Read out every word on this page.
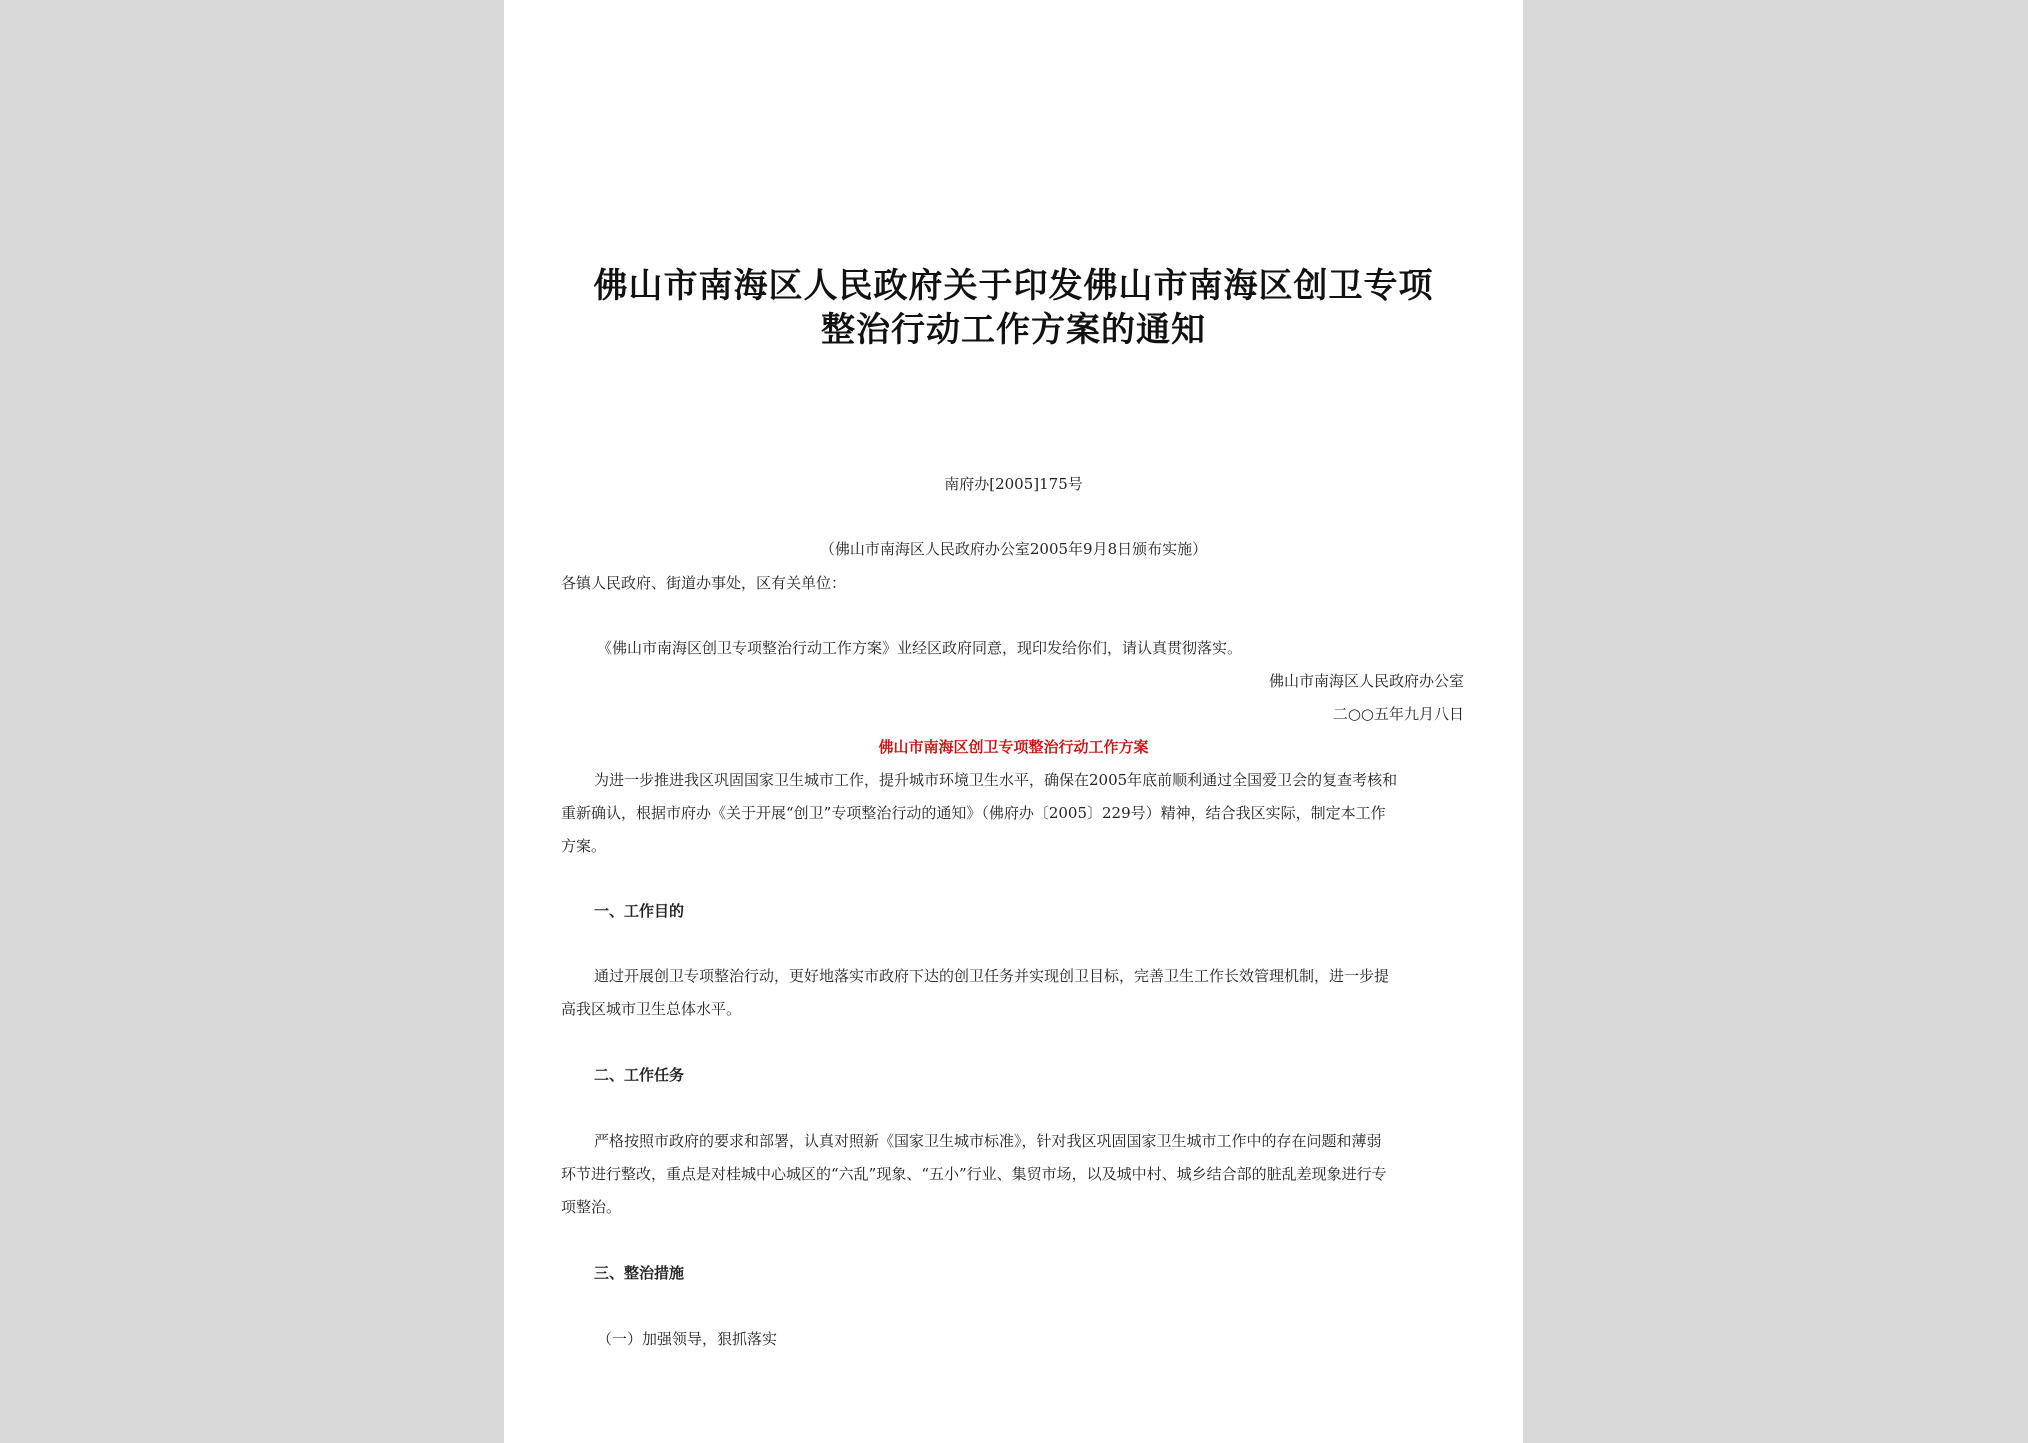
佛山市南海区人民政府关于印发佛山市南海区创卫专项
整治行动工作方案的通知
南府办[2005]175号
（佛山市南海区人民政府办公室2005年9月8日颁布实施）
各镇人民政府、街道办事处，区有关单位：
《佛山市南海区创卫专项整治行动工作方案》业经区政府同意，现印发给你们，请认真贯彻落实。
佛山市南海区人民政府办公室
二○○五年九月八日
佛山市南海区创卫专项整治行动工作方案
为进一步推进我区巩固国家卫生城市工作，提升城市环境卫生水平，确保在2005年底前顺利通过全国爱卫会的复查考核和
重新确认，根据市府办《关于开展“创卫”专项整治行动的通知》（佛府办〔2005〕229号）精神，结合我区实际，制定本工作
方案。
一、工作目的
通过开展创卫专项整治行动，更好地落实市政府下达的创卫任务并实现创卫目标，完善卫生工作长效管理机制，进一步提
高我区城市卫生总体水平。
二、工作任务
严格按照市政府的要求和部署，认真对照新《国家卫生城市标准》，针对我区巩固国家卫生城市工作中的存在问题和薄弱
环节进行整改，重点是对桂城中心城区的“六乱”现象、“五小”行业、集贸市场，以及城中村、城乡结合部的脏乱差现象进行专
项整治。
三、整治措施
（一）加强领导，狠抓落实
